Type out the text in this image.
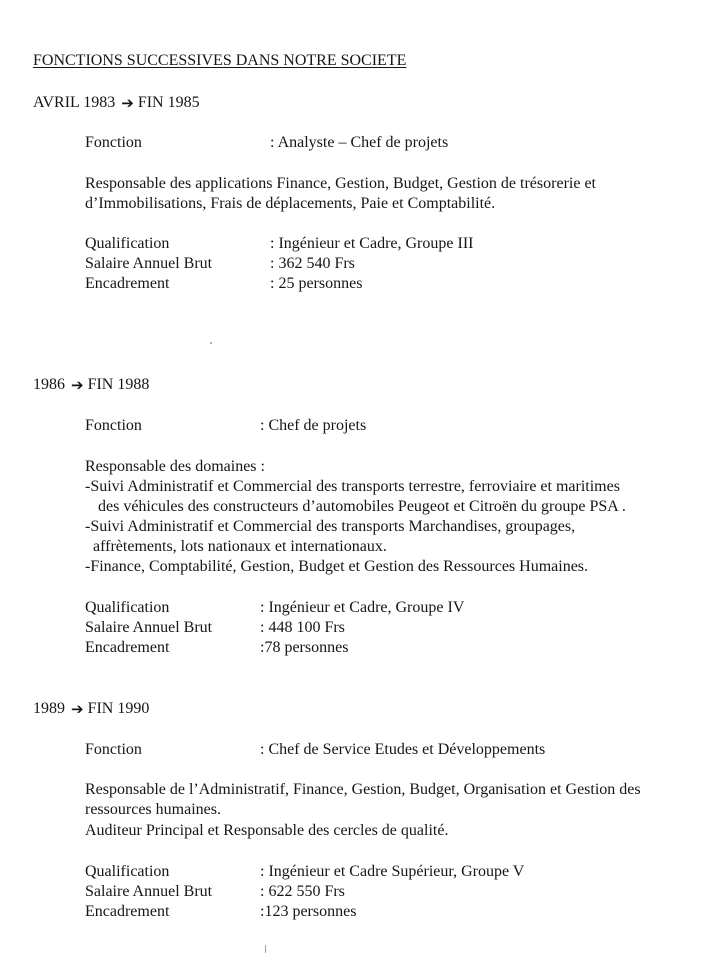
FONCTIONS SUCCESSIVES DANS NOTRE SOCIETE
AVRIL 1983 ➔ FIN 1985
Fonction	: Analyste – Chef de projets
Responsable des applications Finance, Gestion, Budget, Gestion de trésorerie et
d’Immobilisations, Frais de déplacements, Paie et Comptabilité.
Qualification	: Ingénieur et Cadre, Groupe III
Salaire Annuel Brut	: 362 540 Frs
Encadrement	: 25 personnes
1986 ➔ FIN 1988
Fonction	: Chef de projets
Responsable des domaines :
-Suivi Administratif et Commercial des transports terrestre, ferroviaire et maritimes
des véhicules des constructeurs d’automobiles Peugeot et Citroën du groupe PSA .
-Suivi Administratif et Commercial des transports Marchandises, groupages,
affrètements, lots nationaux et internationaux.
-Finance, Comptabilité, Gestion, Budget et Gestion des Ressources Humaines.
Qualification	: Ingénieur et Cadre, Groupe IV
Salaire Annuel Brut	: 448 100 Frs
Encadrement	:78 personnes
1989 ➔ FIN 1990
Fonction	: Chef de Service Etudes et Développements
Responsable de l’Administratif, Finance, Gestion, Budget, Organisation et Gestion des
ressources humaines.
Auditeur Principal et Responsable des cercles de qualité.
Qualification	: Ingénieur et Cadre Supérieur, Groupe V
Salaire Annuel Brut	: 622 550 Frs
Encadrement	:123 personnes
